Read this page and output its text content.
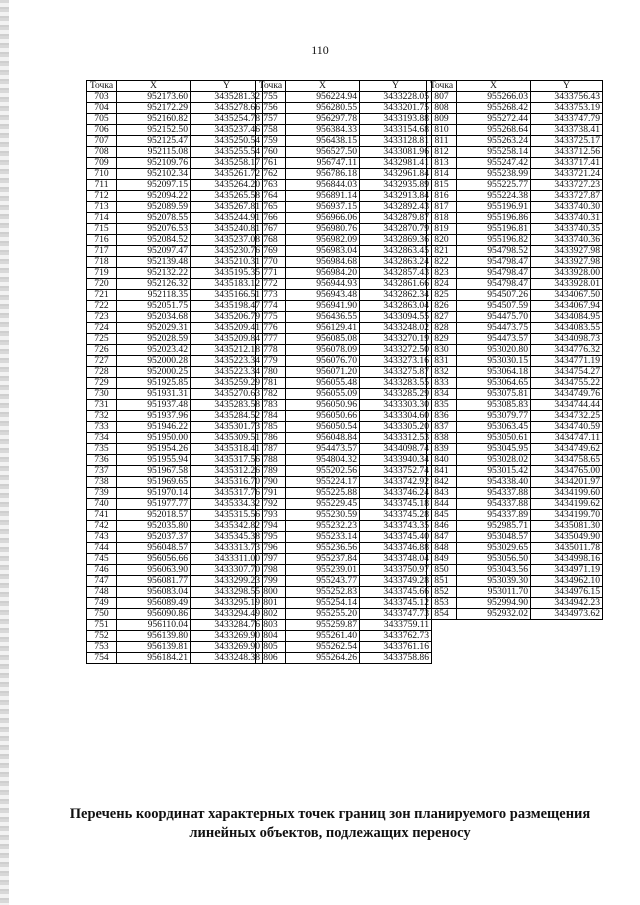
110
Точка	X	Y
703	952173.60	3435281.32
704	952172.29	3435278.66
705	952160.82	3435254.78
706	952152.50	3435237.46
707	952125.47	3435250.54
708	952115.08	3435255.54
709	952109.76	3435258.17
710	952102.34	3435261.72
711	952097.15	3435264.20
712	952094.22	3435265.58
713	952089.59	3435267.81
714	952078.55	3435244.91
715	952076.53	3435240.81
716	952084.52	3435237.08
717	952097.47	3435230.76
718	952139.48	3435210.31
719	952132.22	3435195.35
720	952126.32	3435183.12
721	952118.35	3435166.51
722	952051.75	3435198.47
723	952034.68	3435206.79
724	952029.31	3435209.41
725	952028.59	3435209.84
726	952023.42	3435212.18
727	952000.28	3435223.34
728	952000.25	3435223.34
729	951925.85	3435259.29
730	951931.31	3435270.63
731	951937.48	3435283.58
732	951937.96	3435284.52
733	951946.22	3435301.73
734	951950.00	3435309.51
735	951954.26	3435318.41
736	951955.94	3435317.56
737	951967.58	3435312.26
738	951969.65	3435316.70
739	951970.14	3435317.76
740	951977.77	3435334.32
741	952018.57	3435315.56
742	952035.80	3435342.82
743	952037.37	3435345.38
744	956048.57	3433313.73
745	956056.66	3433311.00
746	956063.90	3433307.70
747	956081.77	3433299.23
748	956083.04	3433298.55
749	956089.49	3433295.19
750	956090.86	3433294.49
751	956110.04	3433284.76
752	956139.80	3433269.90
753	956139.81	3433269.90
754	956184.21	3433248.38
Точка	X	Y
755	956224.94	3433228.05
756	956280.55	3433201.75
757	956297.78	3433193.88
758	956384.33	3433154.68
759	956438.15	3433128.81
760	956527.50	3433081.96
761	956747.11	3432981.41
762	956786.18	3432961.84
763	956844.03	3432935.89
764	956891.14	3432913.84
765	956937.15	3432892.43
766	956966.06	3432879.87
767	956980.76	3432870.79
768	956982.09	3432869.36
769	956983.04	3432863.45
770	956984.68	3432863.24
771	956984.20	3432857.43
772	956944.93	3432861.66
773	956943.48	3432862.34
774	956941.90	3432863.04
775	956436.55	3433094.55
776	956129.41	3433248.02
777	956085.08	3433270.19
778	956078.09	3433272.50
779	956076.70	3433273.16
780	956071.20	3433275.87
781	956055.48	3433283.55
782	956055.09	3433285.29
783	956050.96	3433303.30
784	956050.66	3433304.60
785	956050.54	3433305.20
786	956048.84	3433312.53
787	954473.57	3434098.74
788	954804.32	3433940.34
789	955202.56	3433752.74
790	955224.17	3433742.92
791	955225.88	3433746.24
792	955229.45	3433745.18
793	955230.59	3433745.28
794	955232.23	3433743.35
795	955233.14	3433745.40
796	955236.56	3433746.88
797	955237.84	3433748.04
798	955239.01	3433750.97
799	955243.77	3433749.28
800	955252.83	3433745.66
801	955254.14	3433745.12
802	955255.20	3433747.73
803	955259.87	3433759.11
804	955261.40	3433762.73
805	955262.54	3433761.16
806	955264.26	3433758.86
Точка	X	Y
807	955266.03	3433756.43
808	955268.42	3433753.19
809	955272.44	3433747.79
810	955268.64	3433738.41
811	955263.24	3433725.17
812	955258.14	3433712.56
813	955247.42	3433717.41
814	955238.99	3433721.24
815	955225.77	3433727.23
816	955224.38	3433727.87
817	955196.91	3433740.30
818	955196.86	3433740.31
819	955196.81	3433740.35
820	955196.82	3433740.36
821	954798.52	3433927.98
822	954798.47	3433927.98
823	954798.47	3433928.00
824	954798.47	3433928.01
825	954507.26	3434067.50
826	954507.59	3434067.94
827	954475.70	3434084.95
828	954473.75	3434083.55
829	954473.57	3434098.73
830	953020.80	3434776.32
831	953030.15	3434771.19
832	953064.18	3434754.27
833	953064.65	3434755.22
834	953075.81	3434749.76
835	953085.83	3434744.44
836	953079.77	3434732.25
837	953063.45	3434740.59
838	953050.61	3434747.11
839	953045.95	3434749.62
840	953028.02	3434758.65
841	953015.42	3434765.00
842	954338.40	3434201.97
843	954337.88	3434199.60
844	954337.88	3434199.62
845	954337.89	3434199.70
846	952985.71	3435081.30
847	953048.57	3435049.90
848	953029.65	3435011.78
849	953056.50	3434998.16
850	953043.56	3434971.19
851	953039.30	3434962.10
852	953011.70	3434976.15
853	952994.90	3434942.23
854	952932.02	3434973.62
Перечень координат характерных точек границ зон планируемого размещения линейных объектов, подлежащих переносу
